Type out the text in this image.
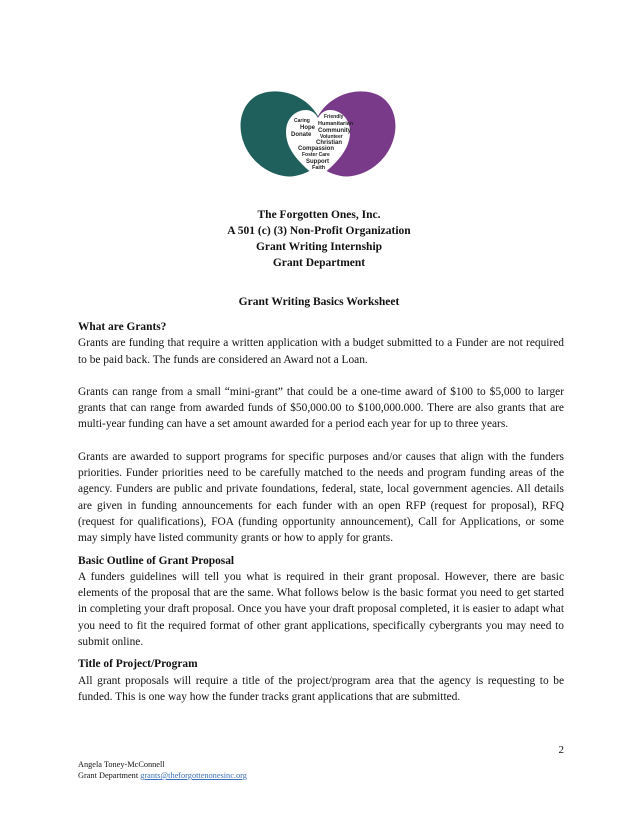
Caring
Hope
Donate
Friendly
Humanitarian
Community
Volunteer
Christian
Compassion
Foster Care
Support
Faith
The Forgotten Ones, Inc.
A 501 (c) (3) Non-Profit Organization
Grant Writing Internship
Grant Department
Grant Writing Basics Worksheet
What are Grants?

Grants are funding that require a written application with a budget submitted to a Funder are not required to be paid back. The funds are considered an Award not a Loan.

Grants can range from a small “mini-grant” that could be a one-time award of $100 to $5,000 to larger grants that can range from awarded funds of $50,000.00 to $100,000.000. There are also grants that are multi-year funding can have a set amount awarded for a period each year for up to three years.

Grants are awarded to support programs for specific purposes and/or causes that align with the funders priorities. Funder priorities need to be carefully matched to the needs and program funding areas of the agency. Funders are public and private foundations, federal, state, local government agencies. All details are given in funding announcements for each funder with an open RFP (request for proposal), RFQ (request for qualifications), FOA (funding opportunity announcement), Call for Applications, or some may simply have listed community grants or how to apply for grants.

Basic Outline of Grant Proposal

A funders guidelines will tell you what is required in their grant proposal. However, there are basic elements of the proposal that are the same. What follows below is the basic format you need to get started in completing your draft proposal. Once you have your draft proposal completed, it is easier to adapt what you need to fit the required format of other grant applications, specifically cybergrants you may need to submit online.

Title of Project/Program

All grant proposals will require a title of the project/program area that the agency is requesting to be funded. This is one way how the funder tracks grant applications that are submitted.

2
Angela Toney-McConnell
Grant Department grants@theforgottenonesinc.org
